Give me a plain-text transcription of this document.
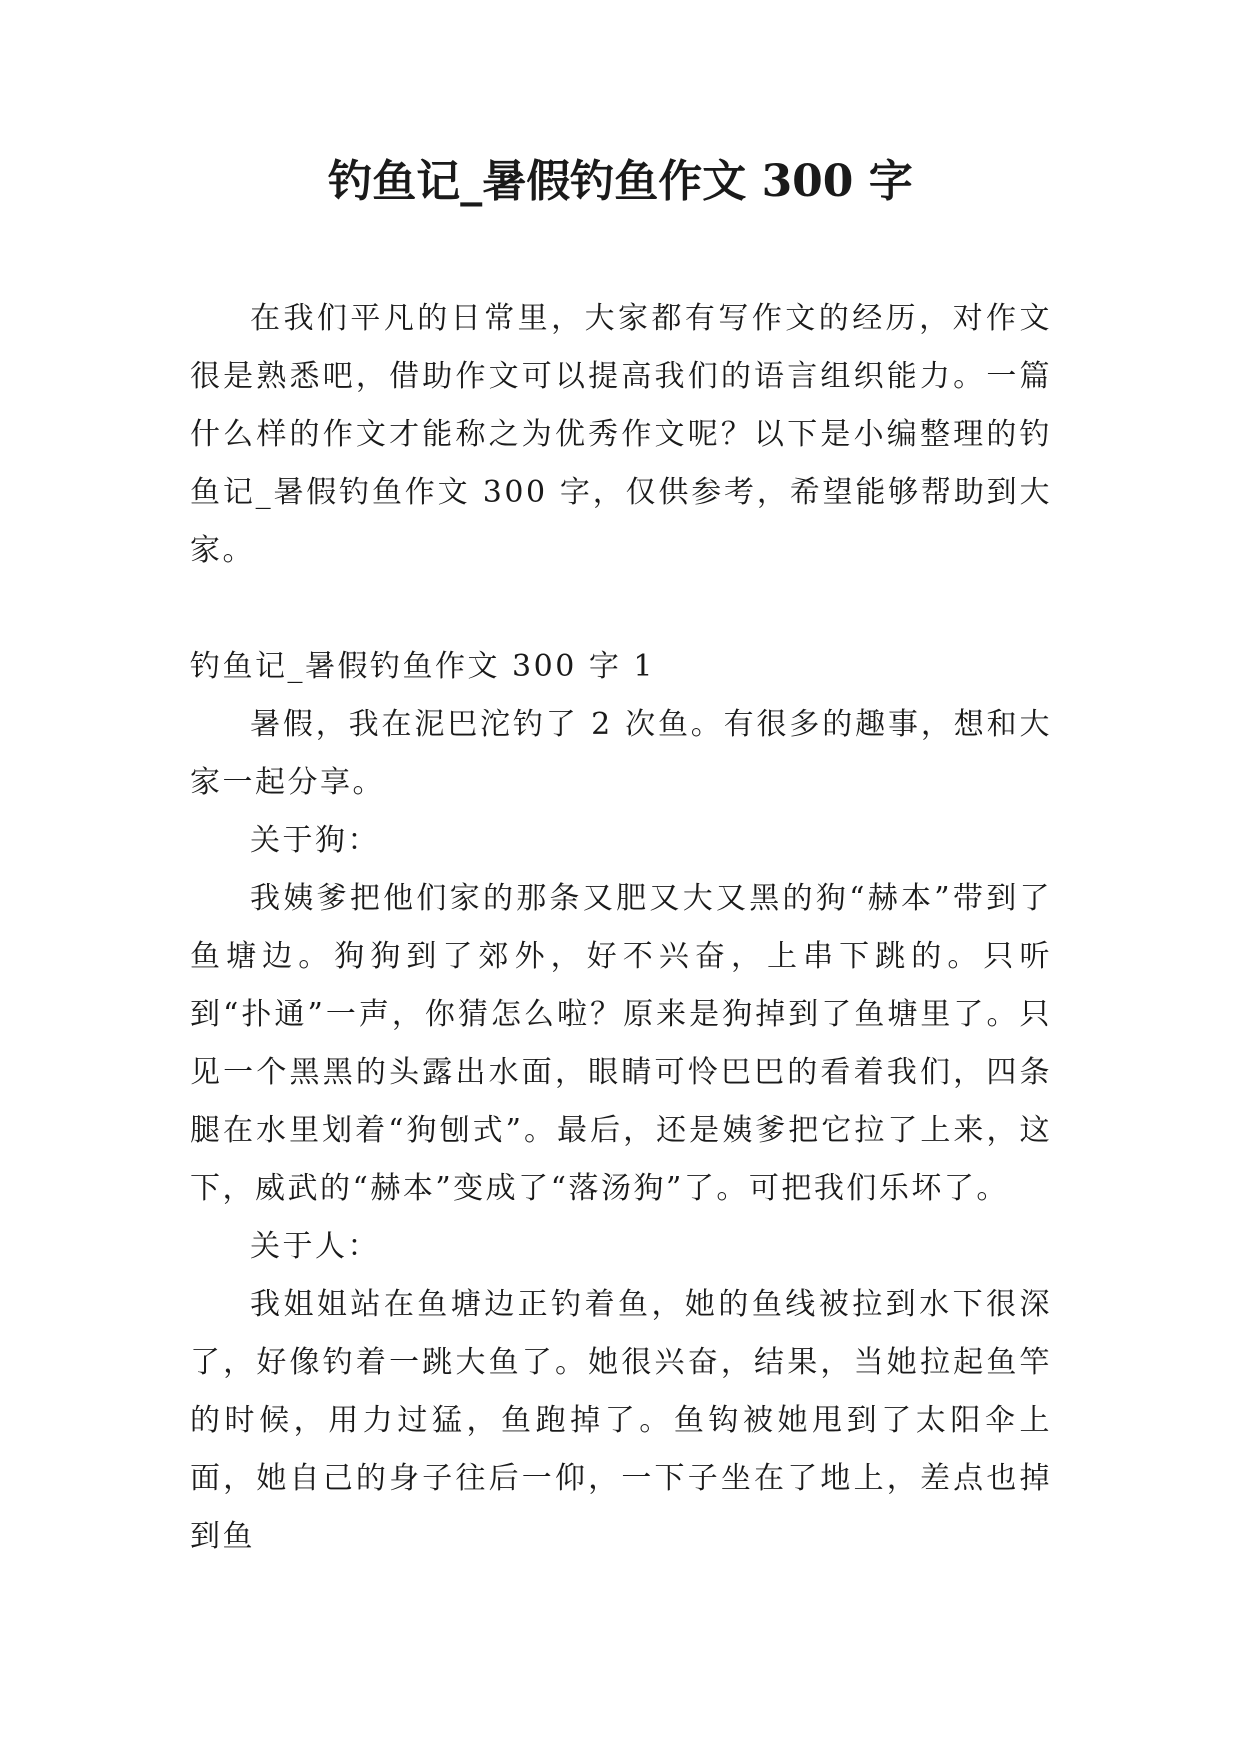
钓鱼记_暑假钓鱼作文 300 字

在我们平凡的日常里，大家都有写作文的经历，对作文很是熟悉吧，借助作文可以提高我们的语言组织能力。一篇什么样的作文才能称之为优秀作文呢？以下是小编整理的钓鱼记_暑假钓鱼作文 300 字，仅供参考，希望能够帮助到大家。

钓鱼记_暑假钓鱼作文 300 字 1

暑假，我在泥巴沱钓了 2 次鱼。有很多的趣事，想和大家一起分享。

关于狗：

我姨爹把他们家的那条又肥又大又黑的狗“赫本”带到了鱼塘边。狗狗到了郊外，好不兴奋，上串下跳的。只听到“扑通”一声，你猜怎么啦？原来是狗掉到了鱼塘里了。只见一个黑黑的头露出水面，眼睛可怜巴巴的看着我们，四条腿在水里划着“狗刨式”。最后，还是姨爹把它拉了上来，这下，威武的“赫本”变成了“落汤狗”了。可把我们乐坏了。

关于人：

我姐姐站在鱼塘边正钓着鱼，她的鱼线被拉到水下很深了，好像钓着一跳大鱼了。她很兴奋，结果，当她拉起鱼竿的时候，用力过猛，鱼跑掉了。鱼钩被她甩到了太阳伞上面，她自己的身子往后一仰，一下子坐在了地上，差点也掉到鱼
